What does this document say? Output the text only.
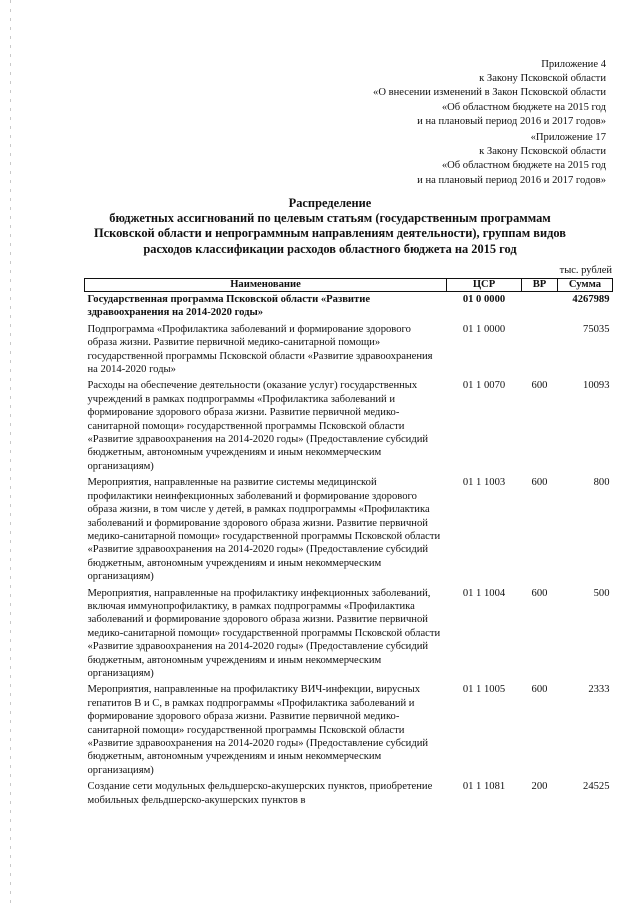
Приложение 4
к Закону Псковской области
«О внесении изменений в Закон Псковской области
«Об областном бюджете на 2015 год
и на плановый период 2016 и 2017 годов»
«Приложение 17
к Закону Псковской области
«Об областном бюджете на 2015 год
и на плановый период 2016 и 2017 годов»
Распределение
бюджетных ассигнований по целевым статьям (государственным программам
Псковской области и непрограммным направлениям деятельности), группам видов
расходов классификации расходов областного бюджета на 2015 год
тыс. рублей
Наименование	ЦСР	ВР	Сумма
Государственная программа Псковской области «Развитие здравоохранения на 2014-2020 годы»	01 0 0000		4267989
Подпрограмма «Профилактика заболеваний и формирование здорового образа жизни. Развитие первичной медико-санитарной помощи» государственной программы Псковской области «Развитие здравоохранения на 2014-2020 годы»	01 1 0000		75035
Расходы на обеспечение деятельности (оказание услуг) государственных учреждений в рамках подпрограммы «Профилактика заболеваний и формирование здорового образа жизни. Развитие первичной медико-санитарной помощи» государственной программы Псковской области «Развитие здравоохранения на 2014-2020 годы» (Предоставление субсидий бюджетным, автономным учреждениям и иным некоммерческим организациям)	01 1 0070	600	10093
Мероприятия, направленные на развитие системы медицинской профилактики неинфекционных заболеваний и формирование здорового образа жизни, в том числе у детей, в рамках подпрограммы «Профилактика заболеваний и формирование здорового образа жизни. Развитие первичной медико-санитарной помощи» государственной программы Псковской области «Развитие здравоохранения на 2014-2020 годы» (Предоставление субсидий бюджетным, автономным учреждениям и иным некоммерческим организациям)	01 1 1003	600	800
Мероприятия, направленные на профилактику инфекционных заболеваний, включая иммунопрофилактику, в рамках подпрограммы «Профилактика заболеваний и формирование здорового образа жизни. Развитие первичной медико-санитарной помощи» государственной программы Псковской области «Развитие здравоохранения на 2014-2020 годы» (Предоставление субсидий бюджетным, автономным учреждениям и иным некоммерческим организациям)	01 1 1004	600	500
Мероприятия, направленные на профилактику ВИЧ-инфекции, вирусных гепатитов В и С, в рамках подпрограммы «Профилактика заболеваний и формирование здорового образа жизни. Развитие первичной медико-санитарной помощи» государственной программы Псковской области «Развитие здравоохранения на 2014-2020 годы» (Предоставление субсидий бюджетным, автономным учреждениям и иным некоммерческим организациям)	01 1 1005	600	2333
Создание сети модульных фельдшерско-акушерских пунктов, приобретение мобильных фельдшерско-акушерских пунктов в	01 1 1081	200	24525
